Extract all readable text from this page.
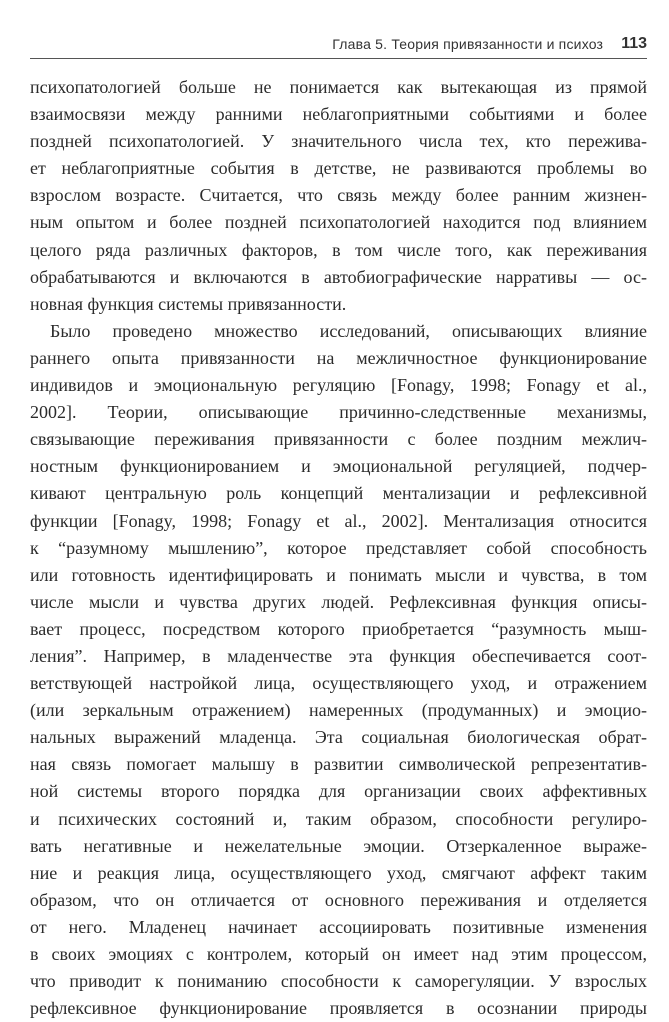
Глава 5. Теория привязанности и психоз 113
психопатологией больше не понимается как вытекающая из прямой
взаимосвязи между ранними неблагоприятными событиями и более
поздней психопатологией. У значительного числа тех, кто пережива-
ет неблагоприятные события в детстве, не развиваются проблемы во
взрослом возрасте. Считается, что связь между более ранним жизнен-
ным опытом и более поздней психопатологией находится под влиянием
целого ряда различных факторов, в том числе того, как переживания
обрабатываются и включаются в автобиографические нарративы — ос-
новная функция системы привязанности.
Было проведено множество исследований, описывающих влияние
раннего опыта привязанности на межличностное функционирование
индивидов и эмоциональную регуляцию [Fonagy, 1998; Fonagy et al.,
2002]. Теории, описывающие причинно-следственные механизмы,
связывающие переживания привязанности с более поздним межлич-
ностным функционированием и эмоциональной регуляцией, подчер-
кивают центральную роль концепций ментализации и рефлексивной
функции [Fonagy, 1998; Fonagy et al., 2002]. Ментализация относится
к “разумному мышлению”, которое представляет собой способность
или готовность идентифицировать и понимать мысли и чувства, в том
числе мысли и чувства других людей. Рефлексивная функция описы-
вает процесс, посредством которого приобретается “разумность мыш-
ления”. Например, в младенчестве эта функция обеспечивается соот-
ветствующей настройкой лица, осуществляющего уход, и отражением
(или зеркальным отражением) намеренных (продуманных) и эмоцио-
нальных выражений младенца. Эта социальная биологическая обрат-
ная связь помогает малышу в развитии символической репрезентатив-
ной системы второго порядка для организации своих аффективных
и психических состояний и, таким образом, способности регулиро-
вать негативные и нежелательные эмоции. Отзеркаленное выраже-
ние и реакция лица, осуществляющего уход, смягчают аффект таким
образом, что он отличается от основного переживания и отделяется
от него. Младенец начинает ассоциировать позитивные изменения
в своих эмоциях с контролем, который он имеет над этим процессом,
что приводит к пониманию способности к саморегуляции. У взрослых
рефлексивное функционирование проявляется в осознании природы
